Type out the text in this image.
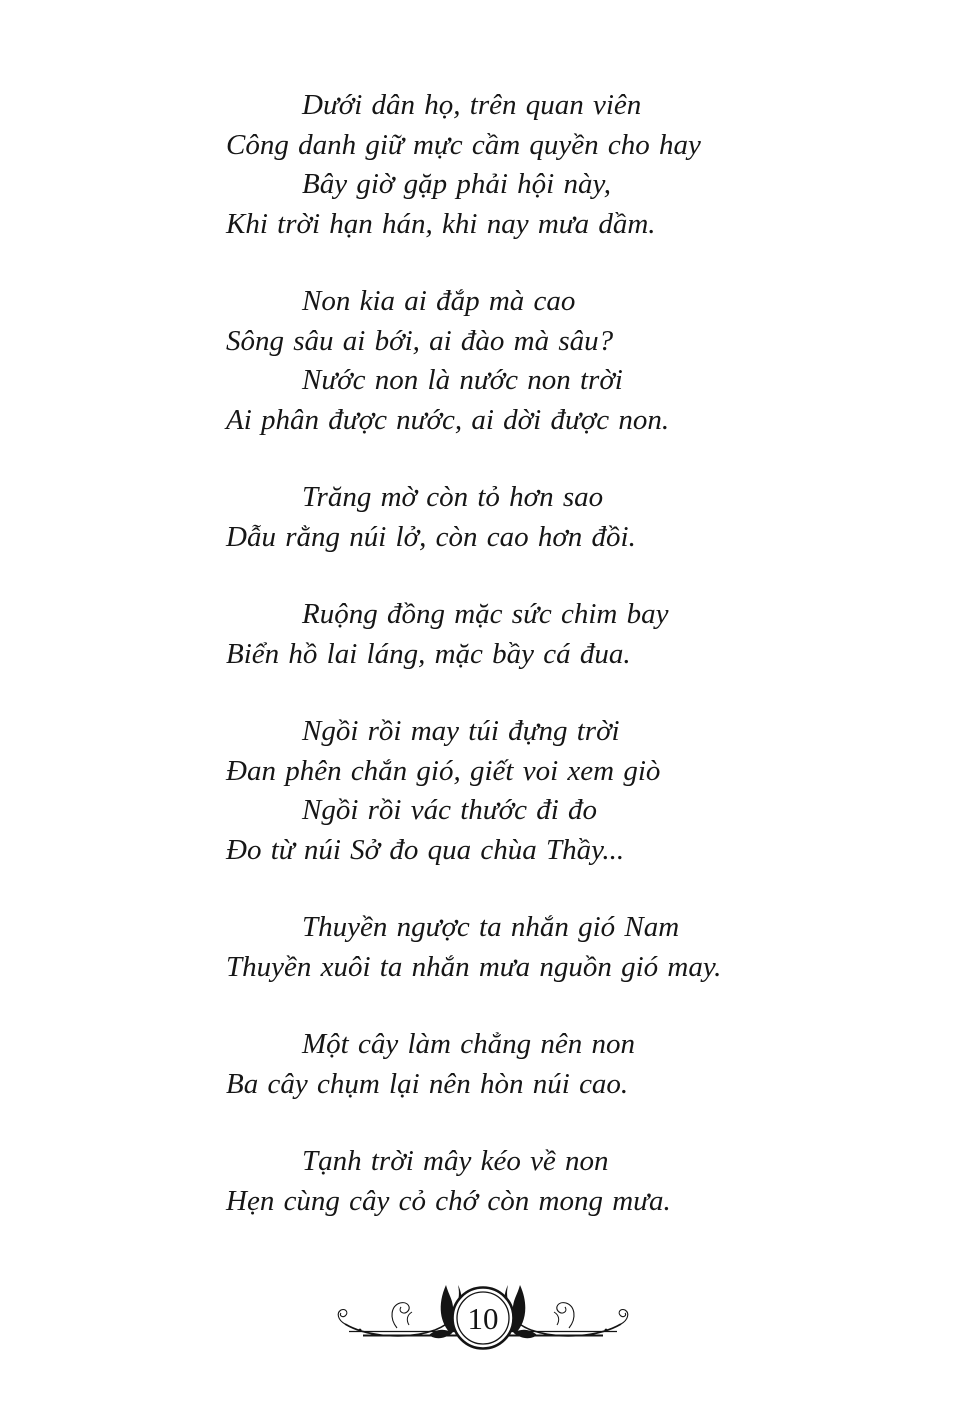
Dưới dân họ, trên quan viên
Công danh giữ mực cầm quyền cho hay
Bây giờ gặp phải hội này,
Khi trời hạn hán, khi nay mưa dầm.
Non kia ai đắp mà cao
Sông sâu ai bới, ai đào mà sâu?
Nước non là nước non trời
Ai phân được nước, ai dời được non.
Trăng mờ còn tỏ hơn sao
Dẫu rằng núi lở, còn cao hơn đồi.
Ruộng đồng mặc sức chim bay
Biển hồ lai láng, mặc bầy cá đua.
Ngồi rồi may túi đựng trời
Đan phên chắn gió, giết voi xem giò
Ngồi rồi vác thước đi đo
Đo từ núi Sở đo qua chùa Thầy...
Thuyền ngược ta nhắn gió Nam
Thuyền xuôi ta nhắn mưa nguồn gió may.
Một cây làm chẳng nên non
Ba cây chụm lại nên hòn núi cao.
Tạnh trời mây kéo về non
Hẹn cùng cây cỏ chớ còn mong mưa.
10
